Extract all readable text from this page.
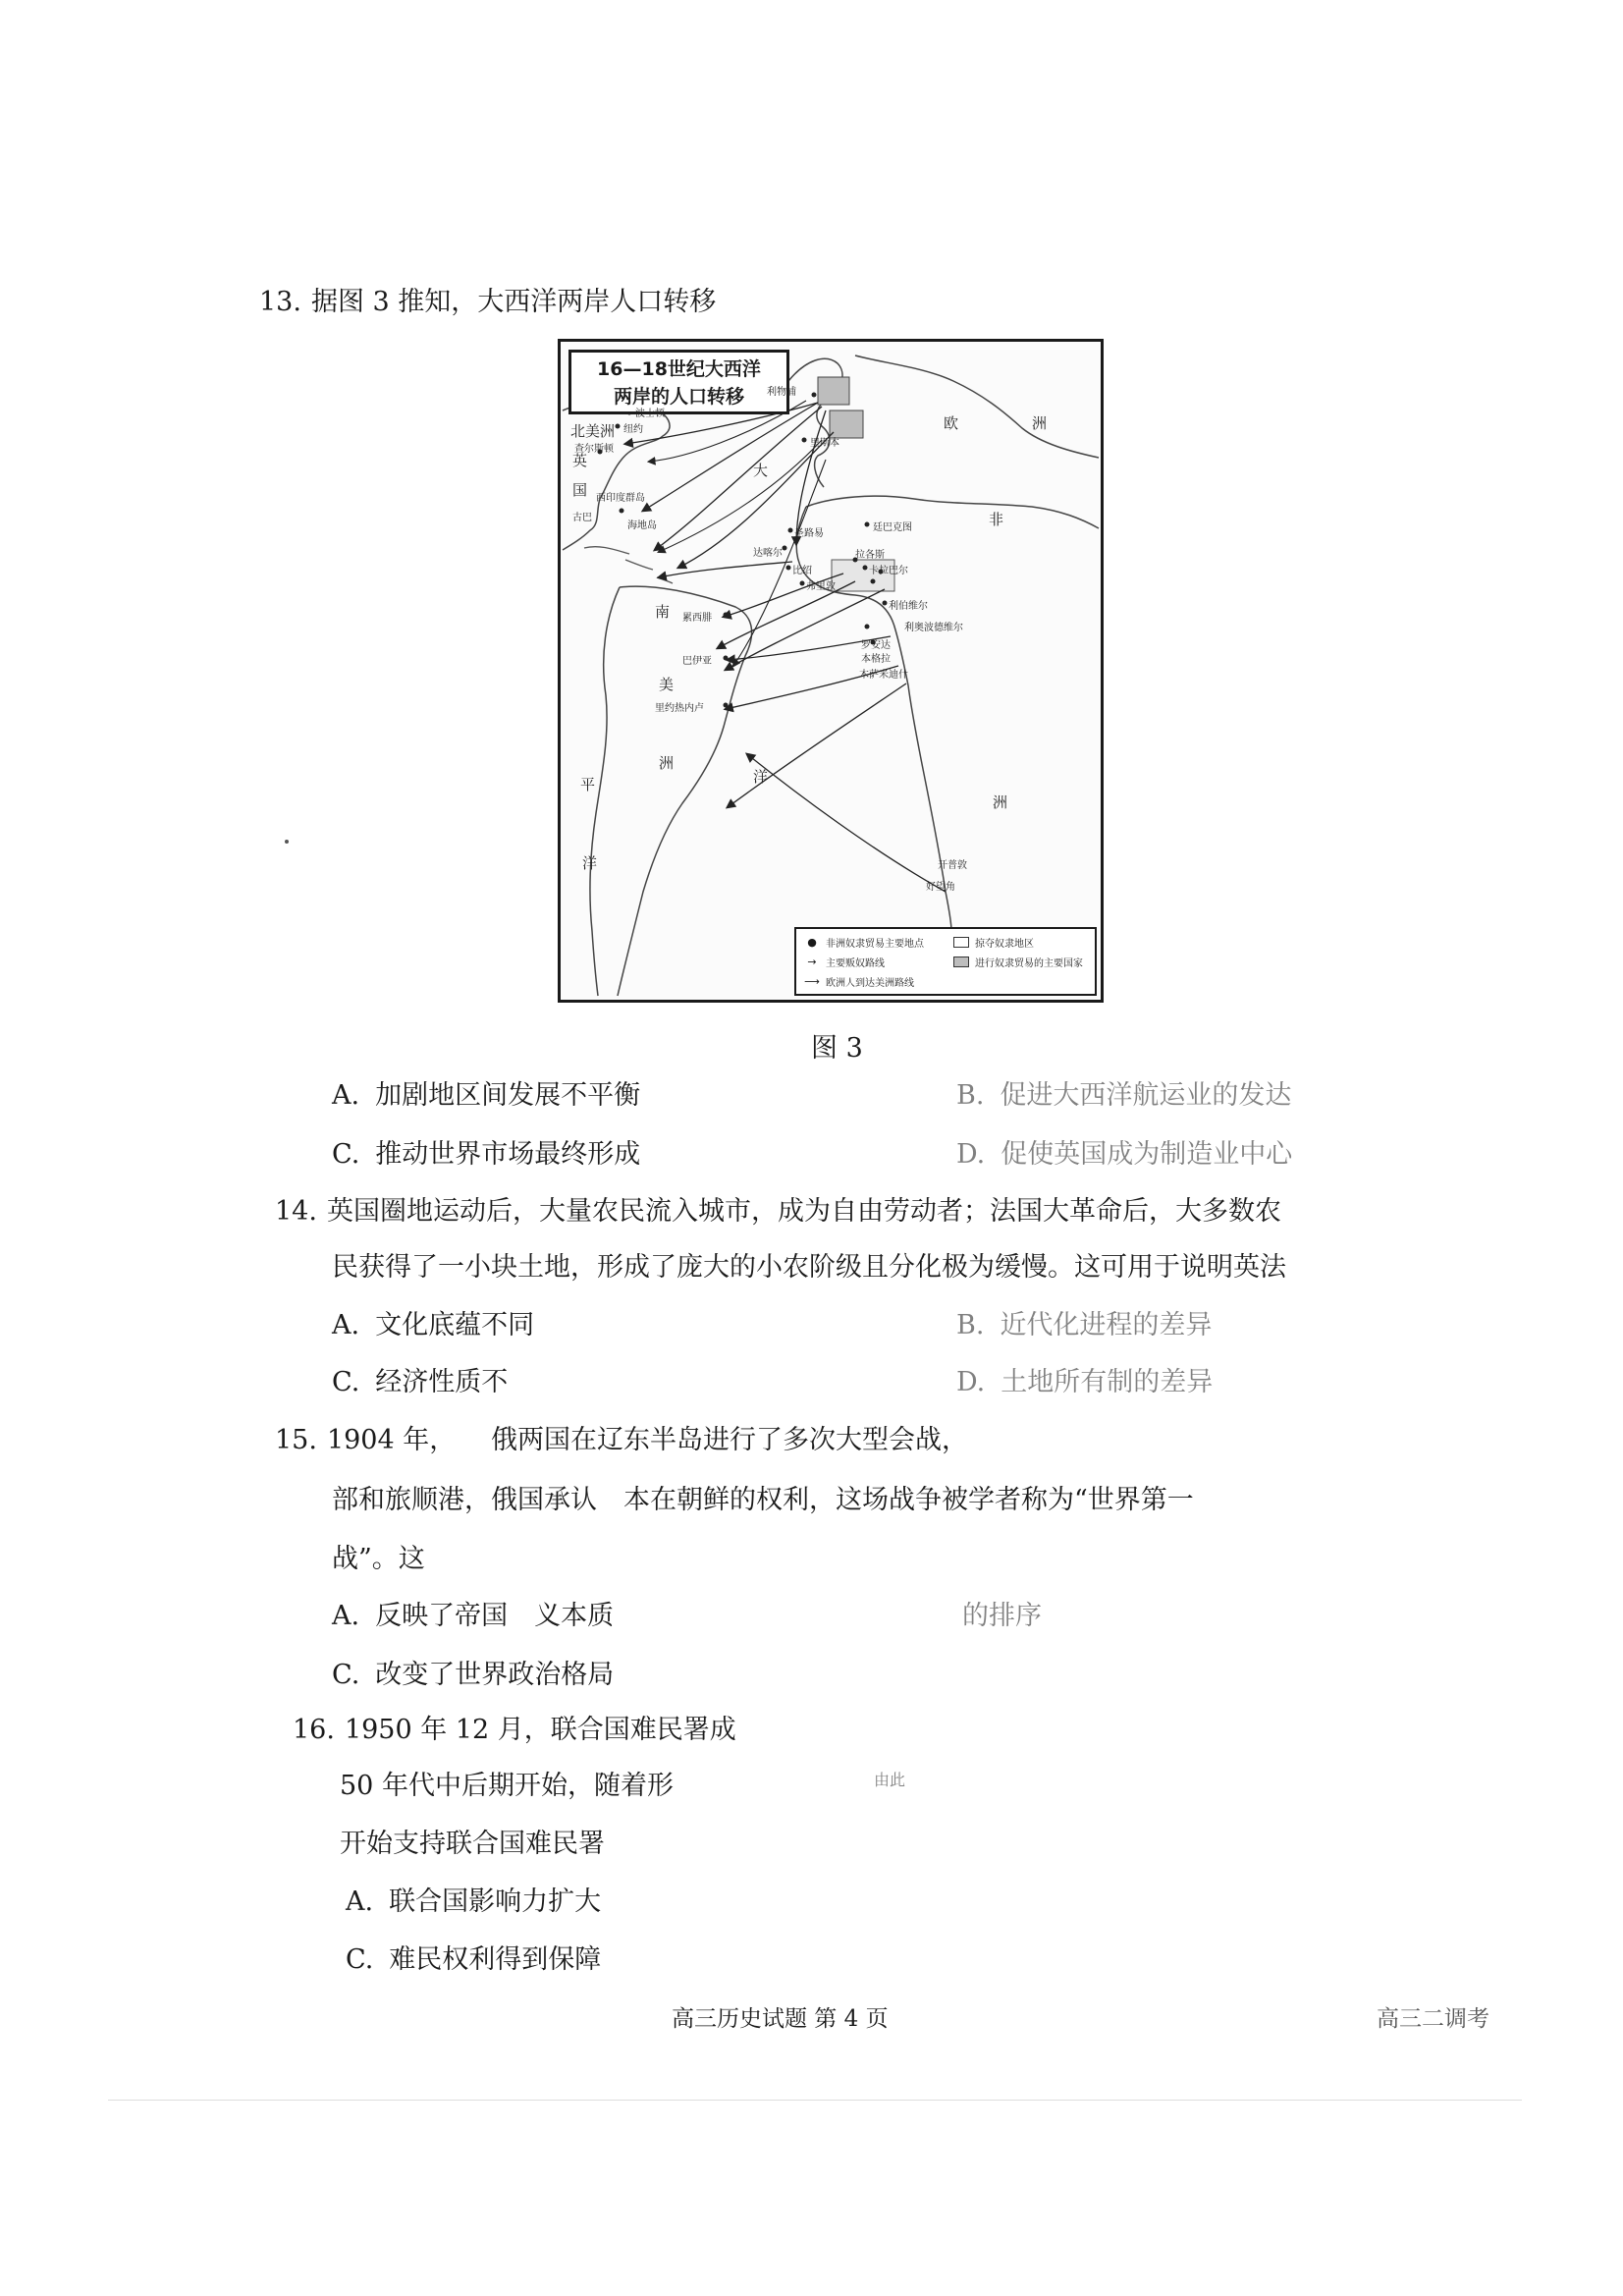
13. 据图 3 推知，大西洋两岸人口转移
16—18世纪大西洋
两岸的人口转移
北美洲
英
国
大
洋
欧	洲
非
洲
南
美
洲
平
洋
波士顿
纽约
查尔斯顿
西印度群岛
古巴
海地岛
利物浦
里斯本
圣路易
廷巴克图
达喀尔
比绍
弗里敦
拉各斯
卡拉巴尔
利伯维尔
利奥波德维尔
罗安达
本格拉
木萨米迪什
累西腓
巴伊亚
里约热内卢
开普敦
好望角
● 非洲奴隶贸易主要地点	掠夺奴隶地区
→ 主要贩奴路线	进行奴隶贸易的主要国家
⟶ 欧洲人到达美洲路线
图 3
A. 加剧地区间发展不平衡	B. 促进大西洋航运业的发达
C. 推动世界市场最终形成	D. 促使英国成为制造业中心
14. 英国圈地运动后，大量农民流入城市，成为自由劳动者；法国大革命后，大多数农
民获得了一小块土地，形成了庞大的小农阶级且分化极为缓慢。这可用于说明英法
A. 文化底蕴不同	B. 近代化进程的差异
C. 经济性质不	D. 土地所有制的差异
15. 1904 年， 俄两国在辽东半岛进行了多次大型会战，
部和旅顺港，俄国承认　本在朝鲜的权利，这场战争被学者称为“世界第一
战”。这
A. 反映了帝国　义本质	的排序
C. 改变了世界政治格局
16. 1950 年 12 月，联合国难民署成
50 年代中后期开始，随着形	由此
开始支持联合国难民署
A. 联合国影响力扩大
C. 难民权利得到保障
高三历史试题 第 4 页	高三二调考
